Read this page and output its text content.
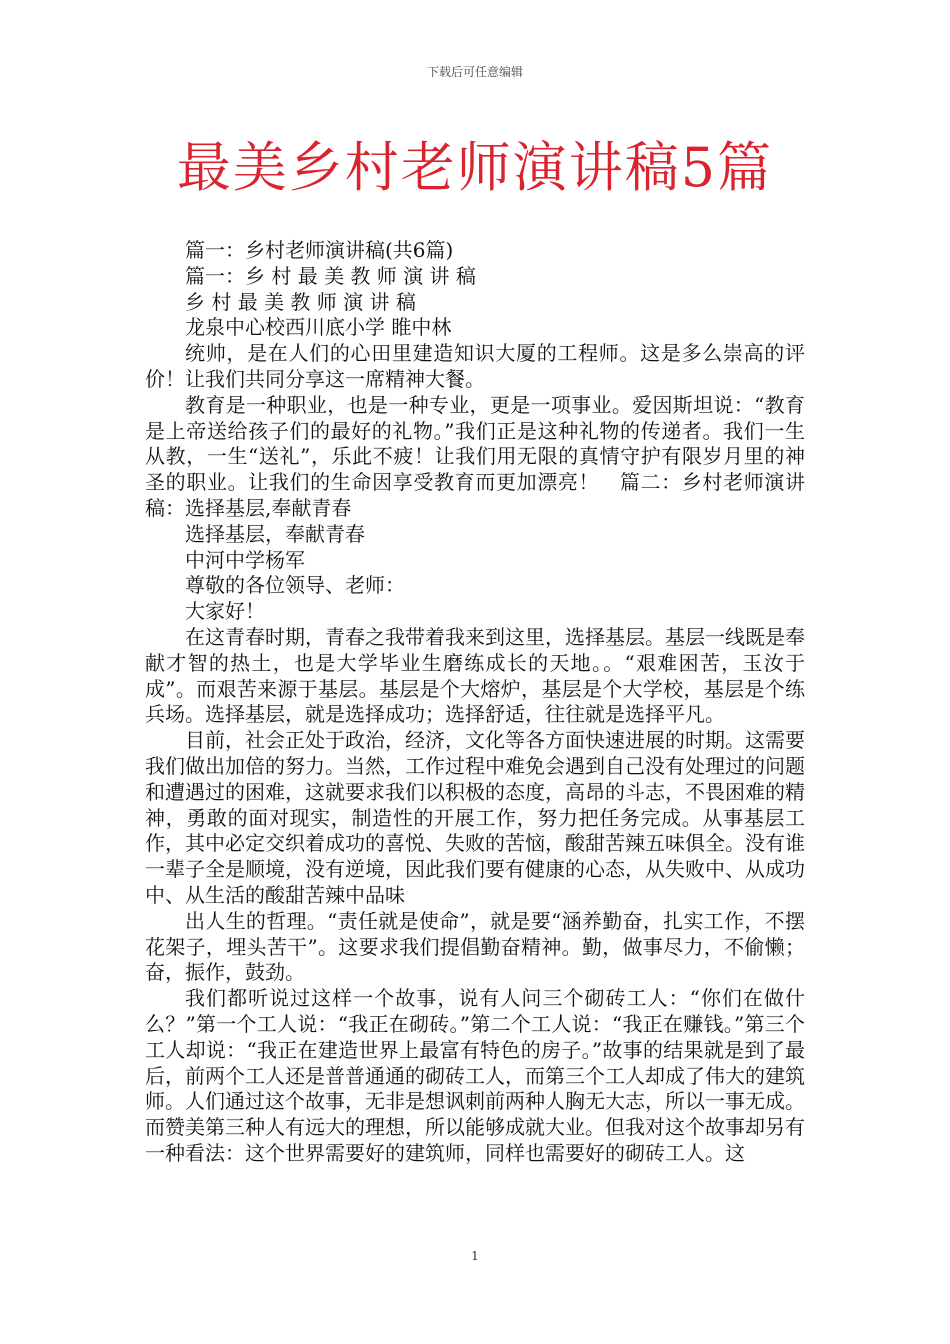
下载后可任意编辑
最美乡村老师演讲稿5篇

篇一：乡村老师演讲稿(共6篇)

篇一：乡 村 最 美 教 师 演 讲 稿

乡 村 最 美 教 师 演 讲 稿

龙泉中心校西川底小学 睢中林

统帅，是在人们的心田里建造知识大厦的工程师。这是多么崇高的评价！让我们共同分享这一席精神大餐。

教育是一种职业，也是一种专业，更是一项事业。爱因斯坦说：“教育是上帝送给孩子们的最好的礼物。”我们正是这种礼物的传递者。我们一生从教，一生“送礼”，乐此不疲！让我们用无限的真情守护有限岁月里的神圣的职业。让我们的生命因享受教育而更加漂亮！　篇二：乡村老师演讲稿：选择基层,奉献青春

选择基层，奉献青春

中河中学杨军

尊敬的各位领导、老师：

大家好！

在这青春时期，青春之我带着我来到这里，选择基层。基层一线既是奉献才智的热土，也是大学毕业生磨练成长的天地。。“艰难困苦，玉汝于成”。而艰苦来源于基层。基层是个大熔炉，基层是个大学校，基层是个练兵场。选择基层，就是选择成功；选择舒适，往往就是选择平凡。

目前，社会正处于政治，经济，文化等各方面快速进展的时期。这需要我们做出加倍的努力。当然，工作过程中难免会遇到自己没有处理过的问题和遭遇过的困难，这就要求我们以积极的态度，高昂的斗志，不畏困难的精神，勇敢的面对现实，制造性的开展工作，努力把任务完成。从事基层工作，其中必定交织着成功的喜悦、失败的苦恼，酸甜苦辣五味俱全。没有谁一辈子全是顺境，没有逆境，因此我们要有健康的心态，从失败中、从成功中、从生活的酸甜苦辣中品味

出人生的哲理。“责任就是使命”，就是要“涵养勤奋，扎实工作，不摆花架子，埋头苦干”。这要求我们提倡勤奋精神。勤，做事尽力，不偷懒；奋，振作，鼓劲。

我们都听说过这样一个故事，说有人问三个砌砖工人：“你们在做什么？”第一个工人说：“我正在砌砖。”第二个工人说：“我正在赚钱。”第三个工人却说：“我正在建造世界上最富有特色的房子。”故事的结果就是到了最后，前两个工人还是普普通通的砌砖工人，而第三个工人却成了伟大的建筑师。人们通过这个故事，无非是想讽刺前两种人胸无大志，所以一事无成。而赞美第三种人有远大的理想，所以能够成就大业。但我对这个故事却另有一种看法：这个世界需要好的建筑师，同样也需要好的砌砖工人。这

1
